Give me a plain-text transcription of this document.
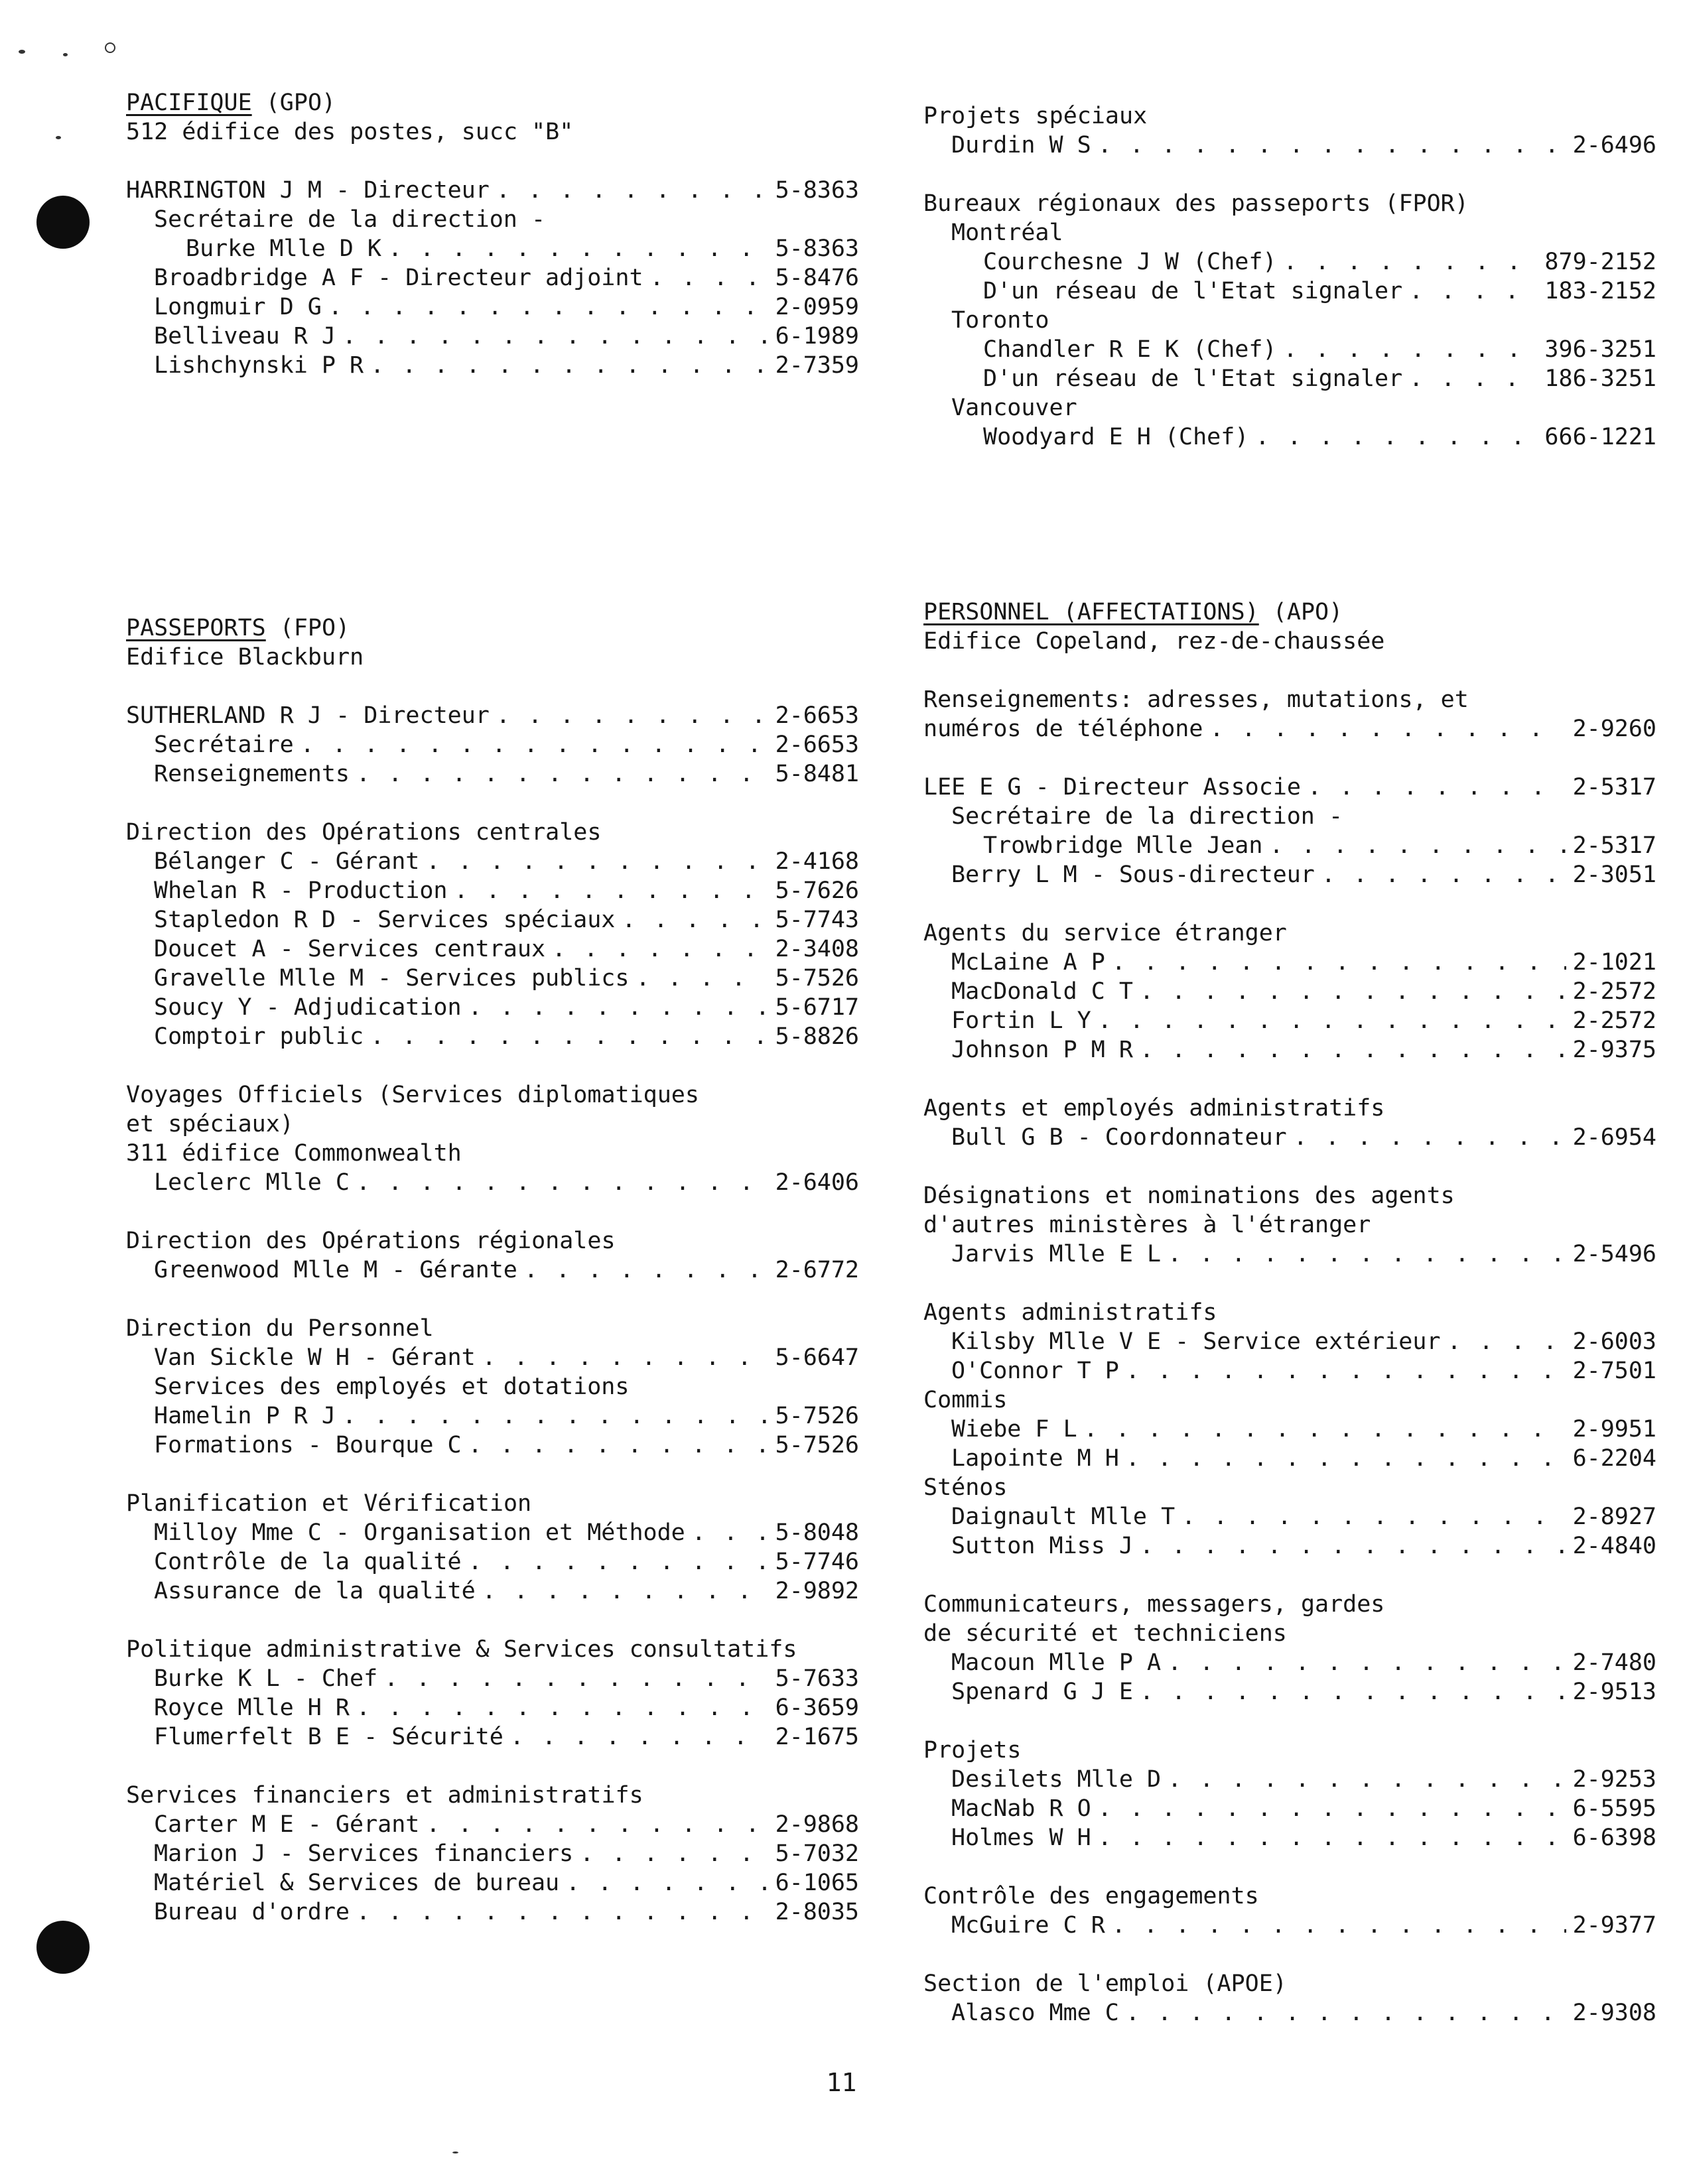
PACIFIQUE (GPO)
512 édifice des postes, succ "B"
HARRINGTON J M - Directeur . . .	5-8363
Secrétaire de la direction -
Burke Mlle D K . . .	5-8363
Broadbridge A F - Directeur adjoint . . .	5-8476
Longmuir D G . . .	2-0959
Belliveau R J . . .	6-1989
Lishchynski P R . . .	2-7359
PASSEPORTS (FPO)
Edifice Blackburn
SUTHERLAND R J - Directeur . . .	2-6653
Secrétaire . . .	2-6653
Renseignements . . .	5-8481
Direction des Opérations centrales
Bélanger C - Gérant . . .	2-4168
Whelan R - Production . . .	5-7626
Stapledon R D - Services spéciaux . . .	5-7743
Doucet A - Services centraux . . .	2-3408
Gravelle Mlle M - Services publics . . .	5-7526
Soucy Y - Adjudication . . .	5-6717
Comptoir public . . .	5-8826
Voyages Officiels (Services diplomatiques
et spéciaux)
311 édifice Commonwealth
Leclerc Mlle C . . .	2-6406
Direction des Opérations régionales
Greenwood Mlle M - Gérante . . .	2-6772
Direction du Personnel
Van Sickle W H - Gérant . . .	5-6647
Services des employés et dotations
Hamelin P R J . . .	5-7526
Formations - Bourque C . . .	5-7526
Planification et Vérification
Milloy Mme C - Organisation et Méthode . . .	5-8048
Contrôle de la qualité . . .	5-7746
Assurance de la qualité . . .	2-9892
Politique administrative & Services consultatifs
Burke K L - Chef . . .	5-7633
Royce Mlle H R . . .	6-3659
Flumerfelt B E - Sécurité . . .	2-1675
Services financiers et administratifs
Carter M E - Gérant . . .	2-9868
Marion J - Services financiers . . .	5-7032
Matériel & Services de bureau . . .	6-1065
Bureau d'ordre . . .	2-8035
Projets spéciaux
Durdin W S . . .	2-6496
Bureaux régionaux des passeports (FPOR)
Montréal
Courchesne J W (Chef) . . .	879-2152
D'un réseau de l'Etat signaler . . .	183-2152
Toronto
Chandler R E K (Chef) . . .	396-3251
D'un réseau de l'Etat signaler . . .	186-3251
Vancouver
Woodyard E H (Chef) . . .	666-1221
PERSONNEL (AFFECTATIONS) (APO)
Edifice Copeland, rez-de-chaussée
Renseignements: adresses, mutations, et
numéros de téléphone . . .	2-9260
LEE E G - Directeur Associe . . .	2-5317
Secrétaire de la direction -
Trowbridge Mlle Jean . . .	2-5317
Berry L M - Sous-directeur . . .	2-3051
Agents du service étranger
McLaine A P . . .	2-1021
MacDonald C T . . .	2-2572
Fortin L Y . . .	2-2572
Johnson P M R . . .	2-9375
Agents et employés administratifs
Bull G B - Coordonnateur . . .	2-6954
Désignations et nominations des agents
d'autres ministères à l'étranger
Jarvis Mlle E L . . .	2-5496
Agents administratifs
Kilsby Mlle V E - Service extérieur . . .	2-6003
O'Connor T P . . .	2-7501
Commis
Wiebe F L . . .	2-9951
Lapointe M H . . .	6-2204
Sténos
Daignault Mlle T . . .	2-8927
Sutton Miss J . . .	2-4840
Communicateurs, messagers, gardes
de sécurité et techniciens
Macoun Mlle P A . . .	2-7480
Spenard G J E . . .	2-9513
Projets
Desilets Mlle D . . .	2-9253
MacNab R O . . .	6-5595
Holmes W H . . .	6-6398
Contrôle des engagements
McGuire C R . . .	2-9377
Section de l'emploi (APOE)
Alasco Mme C . . .	2-9308
11
